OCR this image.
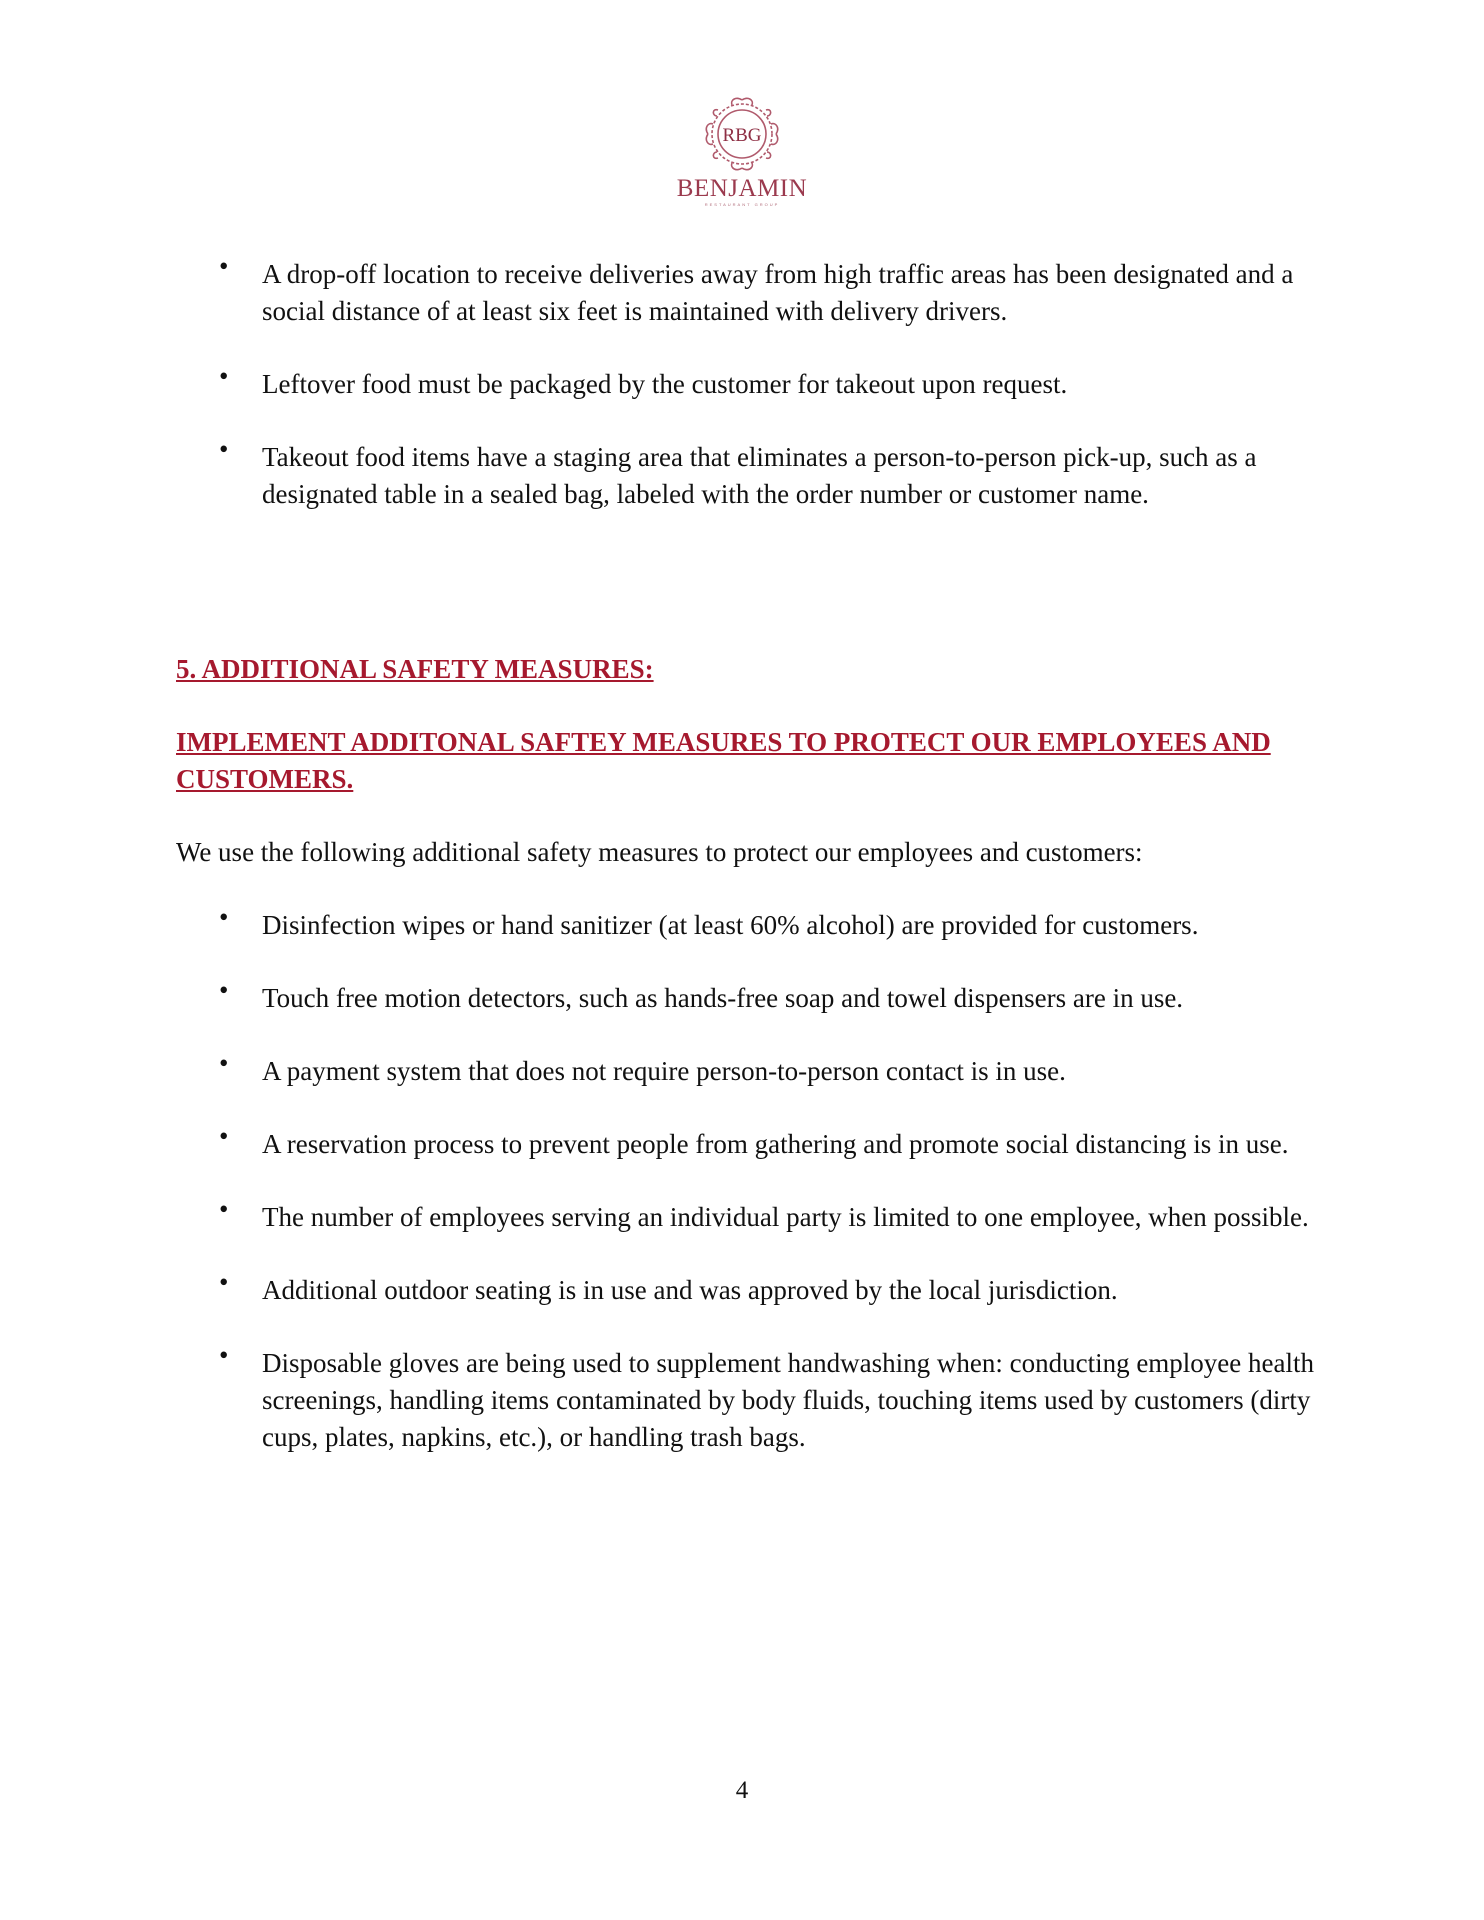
RBG
BENJAMIN
RESTAURANT GROUP
• A drop-off location to receive deliveries away from high traffic areas has been designated and a social distance of at least six feet is maintained with delivery drivers.
• Leftover food must be packaged by the customer for takeout upon request.
• Takeout food items have a staging area that eliminates a person-to-person pick-up, such as a designated table in a sealed bag, labeled with the order number or customer name.

5. ADDITIONAL SAFETY MEASURES:

IMPLEMENT ADDITONAL SAFTEY MEASURES TO PROTECT OUR EMPLOYEES AND CUSTOMERS.

We use the following additional safety measures to protect our employees and customers:

• Disinfection wipes or hand sanitizer (at least 60% alcohol) are provided for customers.
• Touch free motion detectors, such as hands-free soap and towel dispensers are in use.
• A payment system that does not require person-to-person contact is in use.
• A reservation process to prevent people from gathering and promote social distancing is in use.
• The number of employees serving an individual party is limited to one employee, when possible.
• Additional outdoor seating is in use and was approved by the local jurisdiction.
• Disposable gloves are being used to supplement handwashing when: conducting employee health screenings, handling items contaminated by body fluids, touching items used by customers (dirty cups, plates, napkins, etc.), or handling trash bags.
4
